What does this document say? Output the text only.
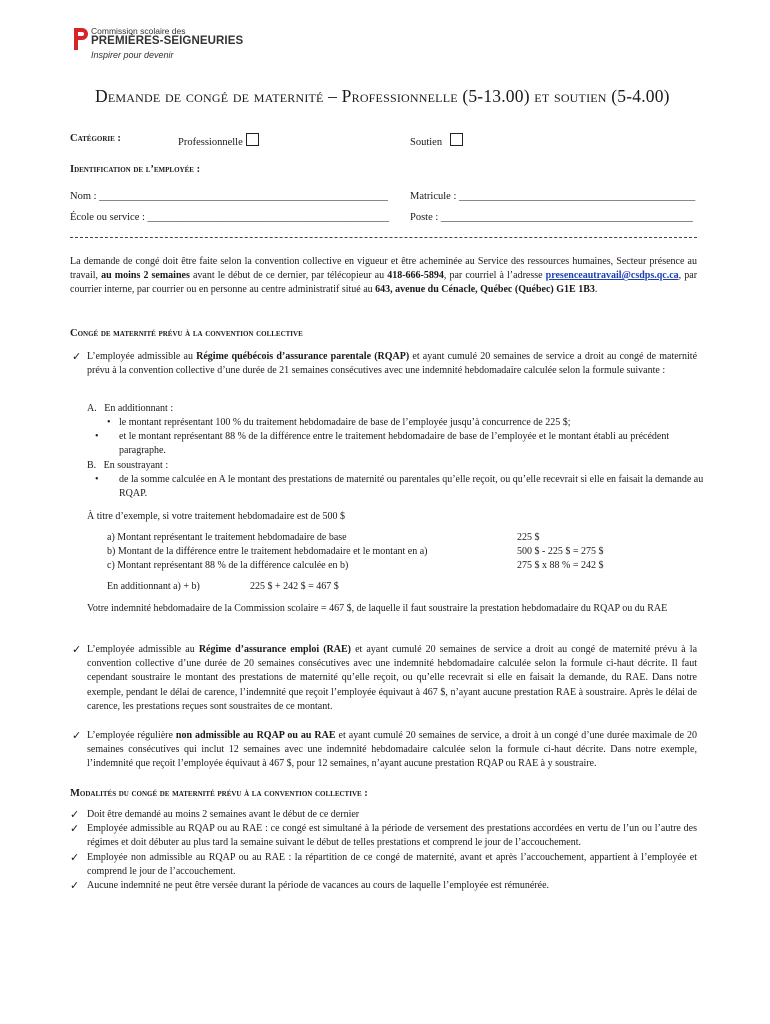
Commission scolaire des
PREMIÈRES-SEIGNEURIES
Inspirer pour devenir
Demande de congé de maternité – Professionnelle (5-13.00) et soutien (5-4.00)
Catégorie :	Professionnelle	Soutien
Identification de l’employée :
Nom : _______________________________________________________ Matricule : _____________________________________________
École ou service : ______________________________________________ Poste : ________________________________________________
La demande de congé doit être faite selon la convention collective en vigueur et être acheminée au Service des ressources humaines, Secteur présence au travail, au moins 2 semaines avant le début de ce dernier, par télécopieur au 418-666-5894, par courriel à l’adresse presenceautravail@csdps.qc.ca, par courrier interne, par courrier ou en personne au centre administratif situé au 643, avenue du Cénacle, Québec (Québec) G1E 1B3.
Congé de maternité prévu à la convention collective
✓ L’employée admissible au Régime québécois d’assurance parentale (RQAP) et ayant cumulé 20 semaines de service a droit au congé de maternité prévu à la convention collective d’une durée de 21 semaines consécutives avec une indemnité hebdomadaire calculée selon la formule suivante :
A. En additionnant :
• le montant représentant 100 % du traitement hebdomadaire de base de l’employée jusqu’à concurrence de 225 $;
• et le montant représentant 88 % de la différence entre le traitement hebdomadaire de base de l’employée et le montant établi au précédent paragraphe.
B. En soustrayant :
• de la somme calculée en A le montant des prestations de maternité ou parentales qu’elle reçoit, ou qu’elle recevrait si elle en faisait la demande au RQAP.
À titre d’exemple, si votre traitement hebdomadaire est de 500 $
a) Montant représentant le traitement hebdomadaire de base	225 $
b) Montant de la différence entre le traitement hebdomadaire et le montant en a)	500 $ - 225 $ = 275 $
c) Montant représentant 88 % de la différence calculée en b)	275 $ x 88 % = 242 $
En additionnant a) + b)	225 $ + 242 $ = 467 $
Votre indemnité hebdomadaire de la Commission scolaire = 467 $, de laquelle il faut soustraire la prestation hebdomadaire du RQAP ou du RAE
✓ L’employée admissible au Régime d’assurance emploi (RAE) et ayant cumulé 20 semaines de service a droit au congé de maternité prévu à la convention collective d’une durée de 20 semaines consécutives avec une indemnité hebdomadaire calculée selon la formule ci-haut décrite. Il faut cependant soustraire le montant des prestations de maternité qu’elle reçoit, ou qu’elle recevrait si elle en faisait la demande, du RAE. Dans notre exemple, pendant le délai de carence, l’indemnité que reçoit l’employée équivaut à 467 $, n’ayant aucune prestation RAE à soustraire. Après le délai de carence, les prestations reçues sont soustraites de ce montant.
✓ L’employée régulière non admissible au RQAP ou au RAE et ayant cumulé 20 semaines de service, a droit à un congé d’une durée maximale de 20 semaines consécutives qui inclut 12 semaines avec une indemnité hebdomadaire calculée selon la formule ci-haut décrite. Dans notre exemple, l’indemnité que reçoit l’employée équivaut à 467 $, pour 12 semaines, n’ayant aucune prestation RQAP ou RAE à y soustraire.
Modalités du congé de maternité prévu à la convention collective :
✓ Doit être demandé au moins 2 semaines avant le début de ce dernier
✓ Employée admissible au RQAP ou au RAE : ce congé est simultané à la période de versement des prestations accordées en vertu de l’un ou l’autre des régimes et doit débuter au plus tard la semaine suivant le début de telles prestations et comprend le jour de l’accouchement.
✓ Employée non admissible au RQAP ou au RAE : la répartition de ce congé de maternité, avant et après l’accouchement, appartient à l’employée et comprend le jour de l’accouchement.
✓ Aucune indemnité ne peut être versée durant la période de vacances au cours de laquelle l’employée est rémunérée.
